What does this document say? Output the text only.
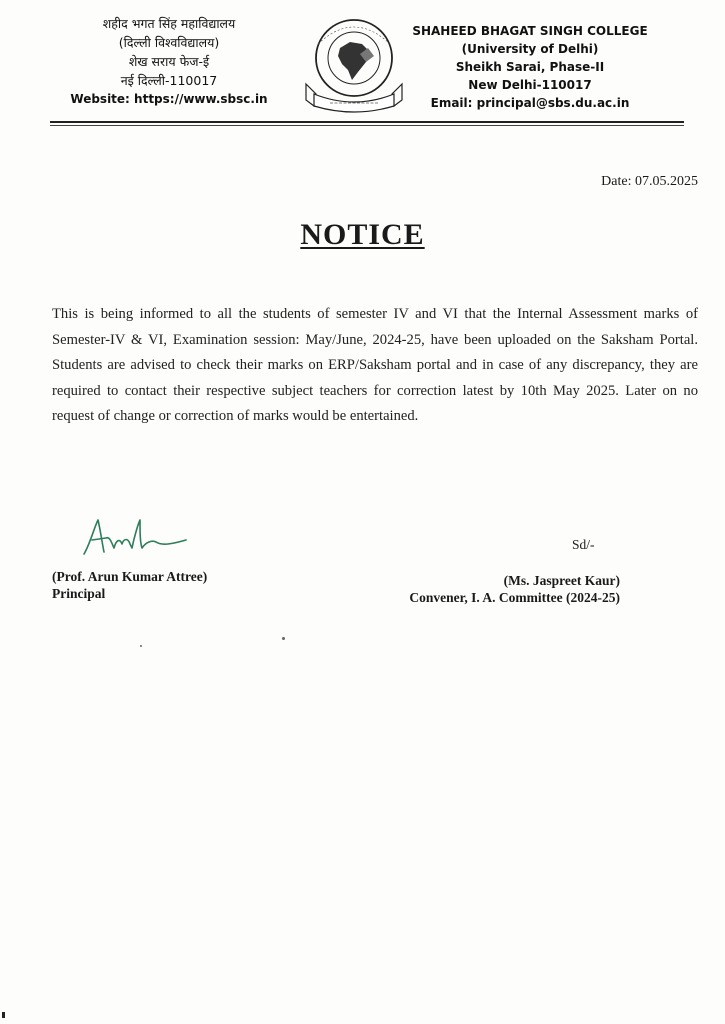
शहीद भगत सिंह महाविद्यालय
(दिल्ली विश्वविद्यालय)
शेख सराय फेज-ई
नई दिल्ली-110017
Website: https://www.sbsc.in
SHAHEED BHAGAT SINGH COLLEGE
(University of Delhi)
Sheikh Sarai, Phase-II
New Delhi-110017
Email: principal@sbs.du.ac.in
Date: 07.05.2025
NOTICE
This is being informed to all the students of semester IV and VI that the Internal Assessment marks of Semester-IV & VI, Examination session: May/June, 2024-25, have been uploaded on the Saksham Portal. Students are advised to check their marks on ERP/Saksham portal and in case of any discrepancy, they are required to contact their respective subject teachers for correction latest by 10th May 2025. Later on no request of change or correction of marks would be entertained.
Sd/-
(Prof. Arun Kumar Attree)
Principal
(Ms. Jaspreet Kaur)
Convener, I. A. Committee (2024-25)
